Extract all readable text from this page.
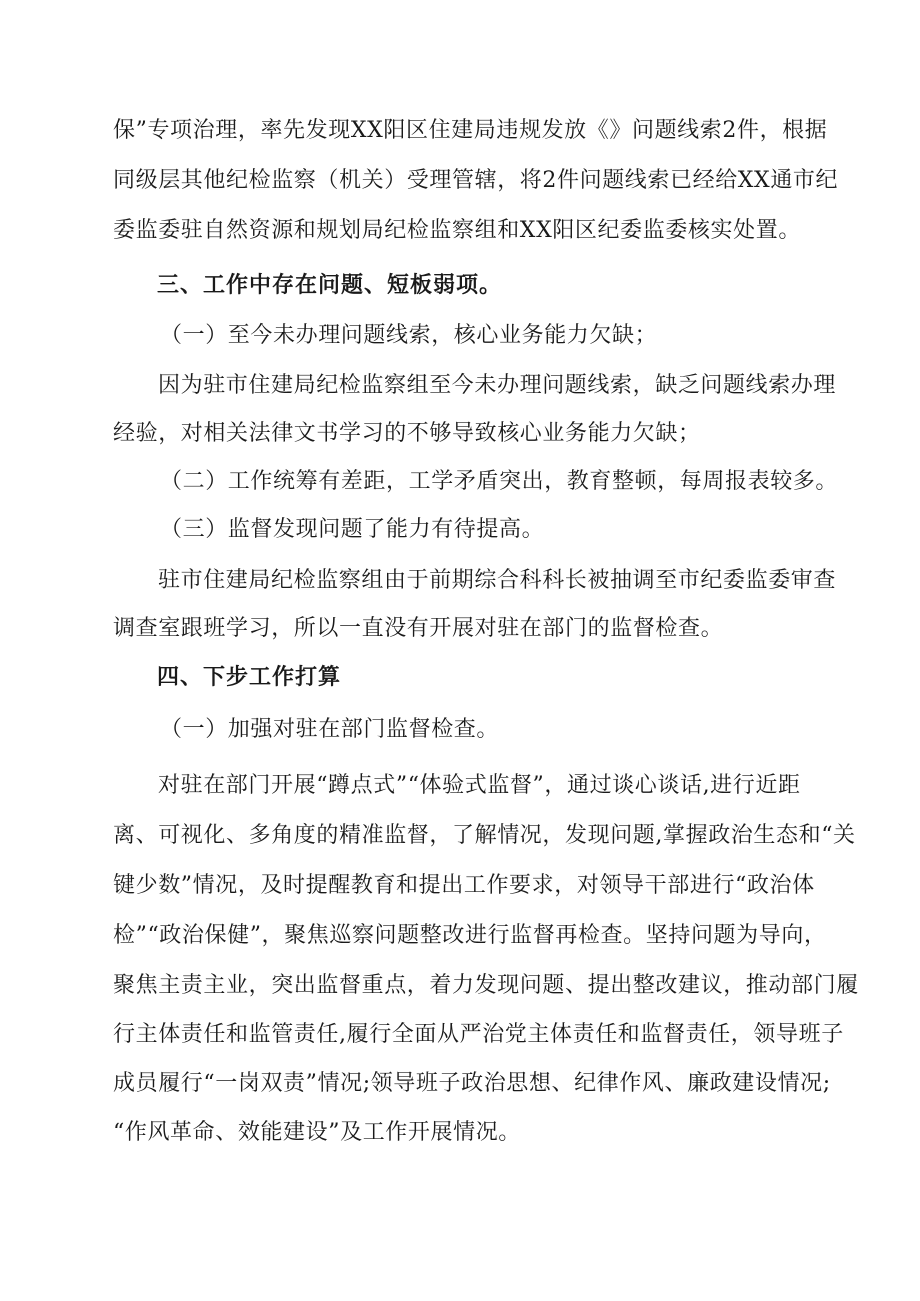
保”专项治理，率先发现XX阳区住建局违规发放《》问题线索2件，根据
同级层其他纪检监察（机关）受理管辖，将2件问题线索已经给XX通市纪
委监委驻自然资源和规划局纪检监察组和XX阳区纪委监委核实处置。
三、工作中存在问题、短板弱项。
（一）至今未办理问题线索，核心业务能力欠缺；
因为驻市住建局纪检监察组至今未办理问题线索，缺乏问题线索办理
经验，对相关法律文书学习的不够导致核心业务能力欠缺；
（二）工作统筹有差距，工学矛盾突出，教育整顿，每周报表较多。
（三）监督发现问题了能力有待提高。
驻市住建局纪检监察组由于前期综合科科长被抽调至市纪委监委审查
调查室跟班学习，所以一直没有开展对驻在部门的监督检查。
四、下步工作打算
（一）加强对驻在部门监督检查。
对驻在部门开展“蹲点式”“体验式监督”，通过谈心谈话,进行近距
离、可视化、多角度的精准监督，了解情况，发现问题,掌握政治生态和“关
键少数”情况，及时提醒教育和提出工作要求，对领导干部进行“政治体
检”“政治保健”，聚焦巡察问题整改进行监督再检查。坚持问题为导向，
聚焦主责主业，突出监督重点，着力发现问题、提出整改建议，推动部门履
行主体责任和监管责任,履行全面从严治党主体责任和监督责任，领导班子
成员履行“一岗双责”情况;领导班子政治思想、纪律作风、廉政建设情况;
“作风革命、效能建设”及工作开展情况。
